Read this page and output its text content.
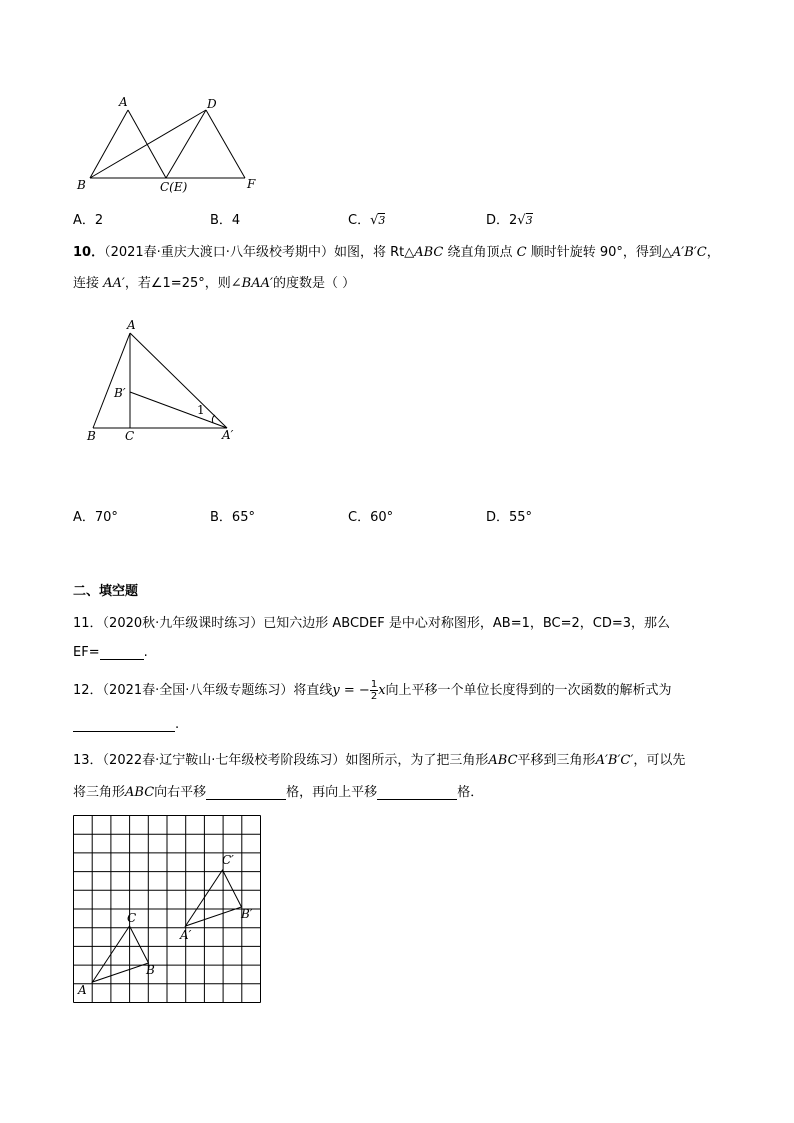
A	D
B	C(E)	F
A．2	B．4	C．√3	D．2√3
10．（2021春·重庆大渡口·八年级校考期中）如图，将 Rt△ABC 绕直角顶点 C 顺时针旋转 90°，得到△A′B′C，
连接 AA′，若∠1=25°，则∠BAA′的度数是（ ）
A
B′
1
B C	A′
A．70°	B．65°	C．60°	D．55°
二、填空题
11．（2020秋·九年级课时练习）已知六边形 ABCDEF 是中心对称图形，AB=1，BC=2，CD=3，那么
EF=	.
12．（2021春·全国·八年级专题练习）将直线y = − $\frac{1}{2}$ x向上平移一个单位长度得到的一次函数的解析式为
.
13．（2022春·辽宁鞍山·七年级校考阶段练习）如图所示，为了把三角形ABC平移到三角形A′B′C′，可以先
将三角形ABC向右平移	格，再向上平移	格．
A
B
C
A′
B′
C′
